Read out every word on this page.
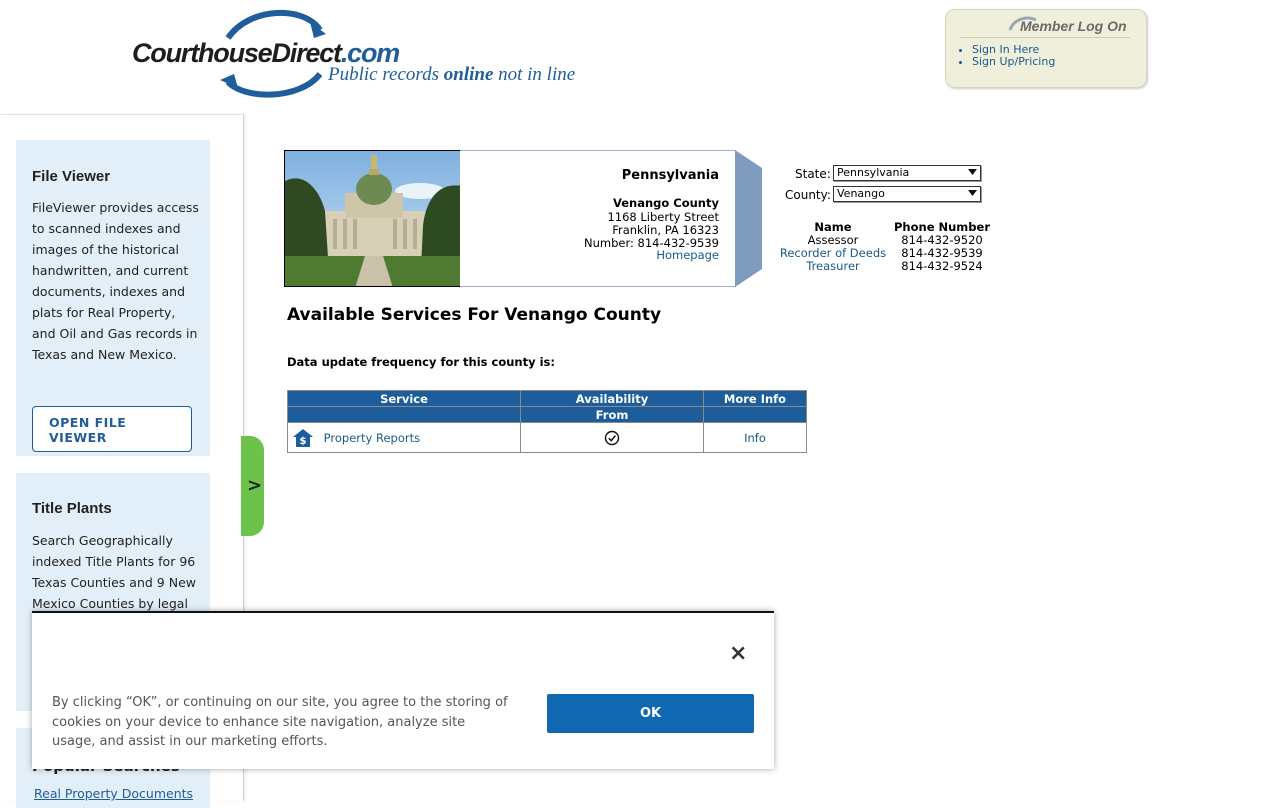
CourthouseDirect.com
Public records online not in line
Member Log On
• Sign In Here
• Sign Up/Pricing
File Viewer

FileViewer provides access to scanned indexes and images of the historical handwritten, and current documents, indexes and plats for Real Property, and Oil and Gas records in Texas and New Mexico.

OPEN FILE VIEWER
Title Plants

Search Geographically indexed Title Plants for 96 Texas Counties and 9 New Mexico Counties by legal

Real Property Documents
>
Pennsylvania
Venango County
1168 Liberty Street
Franklin, PA 16323
Number: 814-432-9539
Homepage
State: Pennsylvania
County: Venango
Name	Phone Number
Assessor	814-432-9520
Recorder of Deeds	814-432-9539
Treasurer	814-432-9524
Available Services For Venango County
Data update frequency for this county is:
Service	Availability	More Info
	From	

$ Property Reports		Info
×

By clicking “OK”, or continuing on our site, you agree to the storing of cookies on your device to enhance site navigation, analyze site usage, and assist in our marketing efforts.

OK
